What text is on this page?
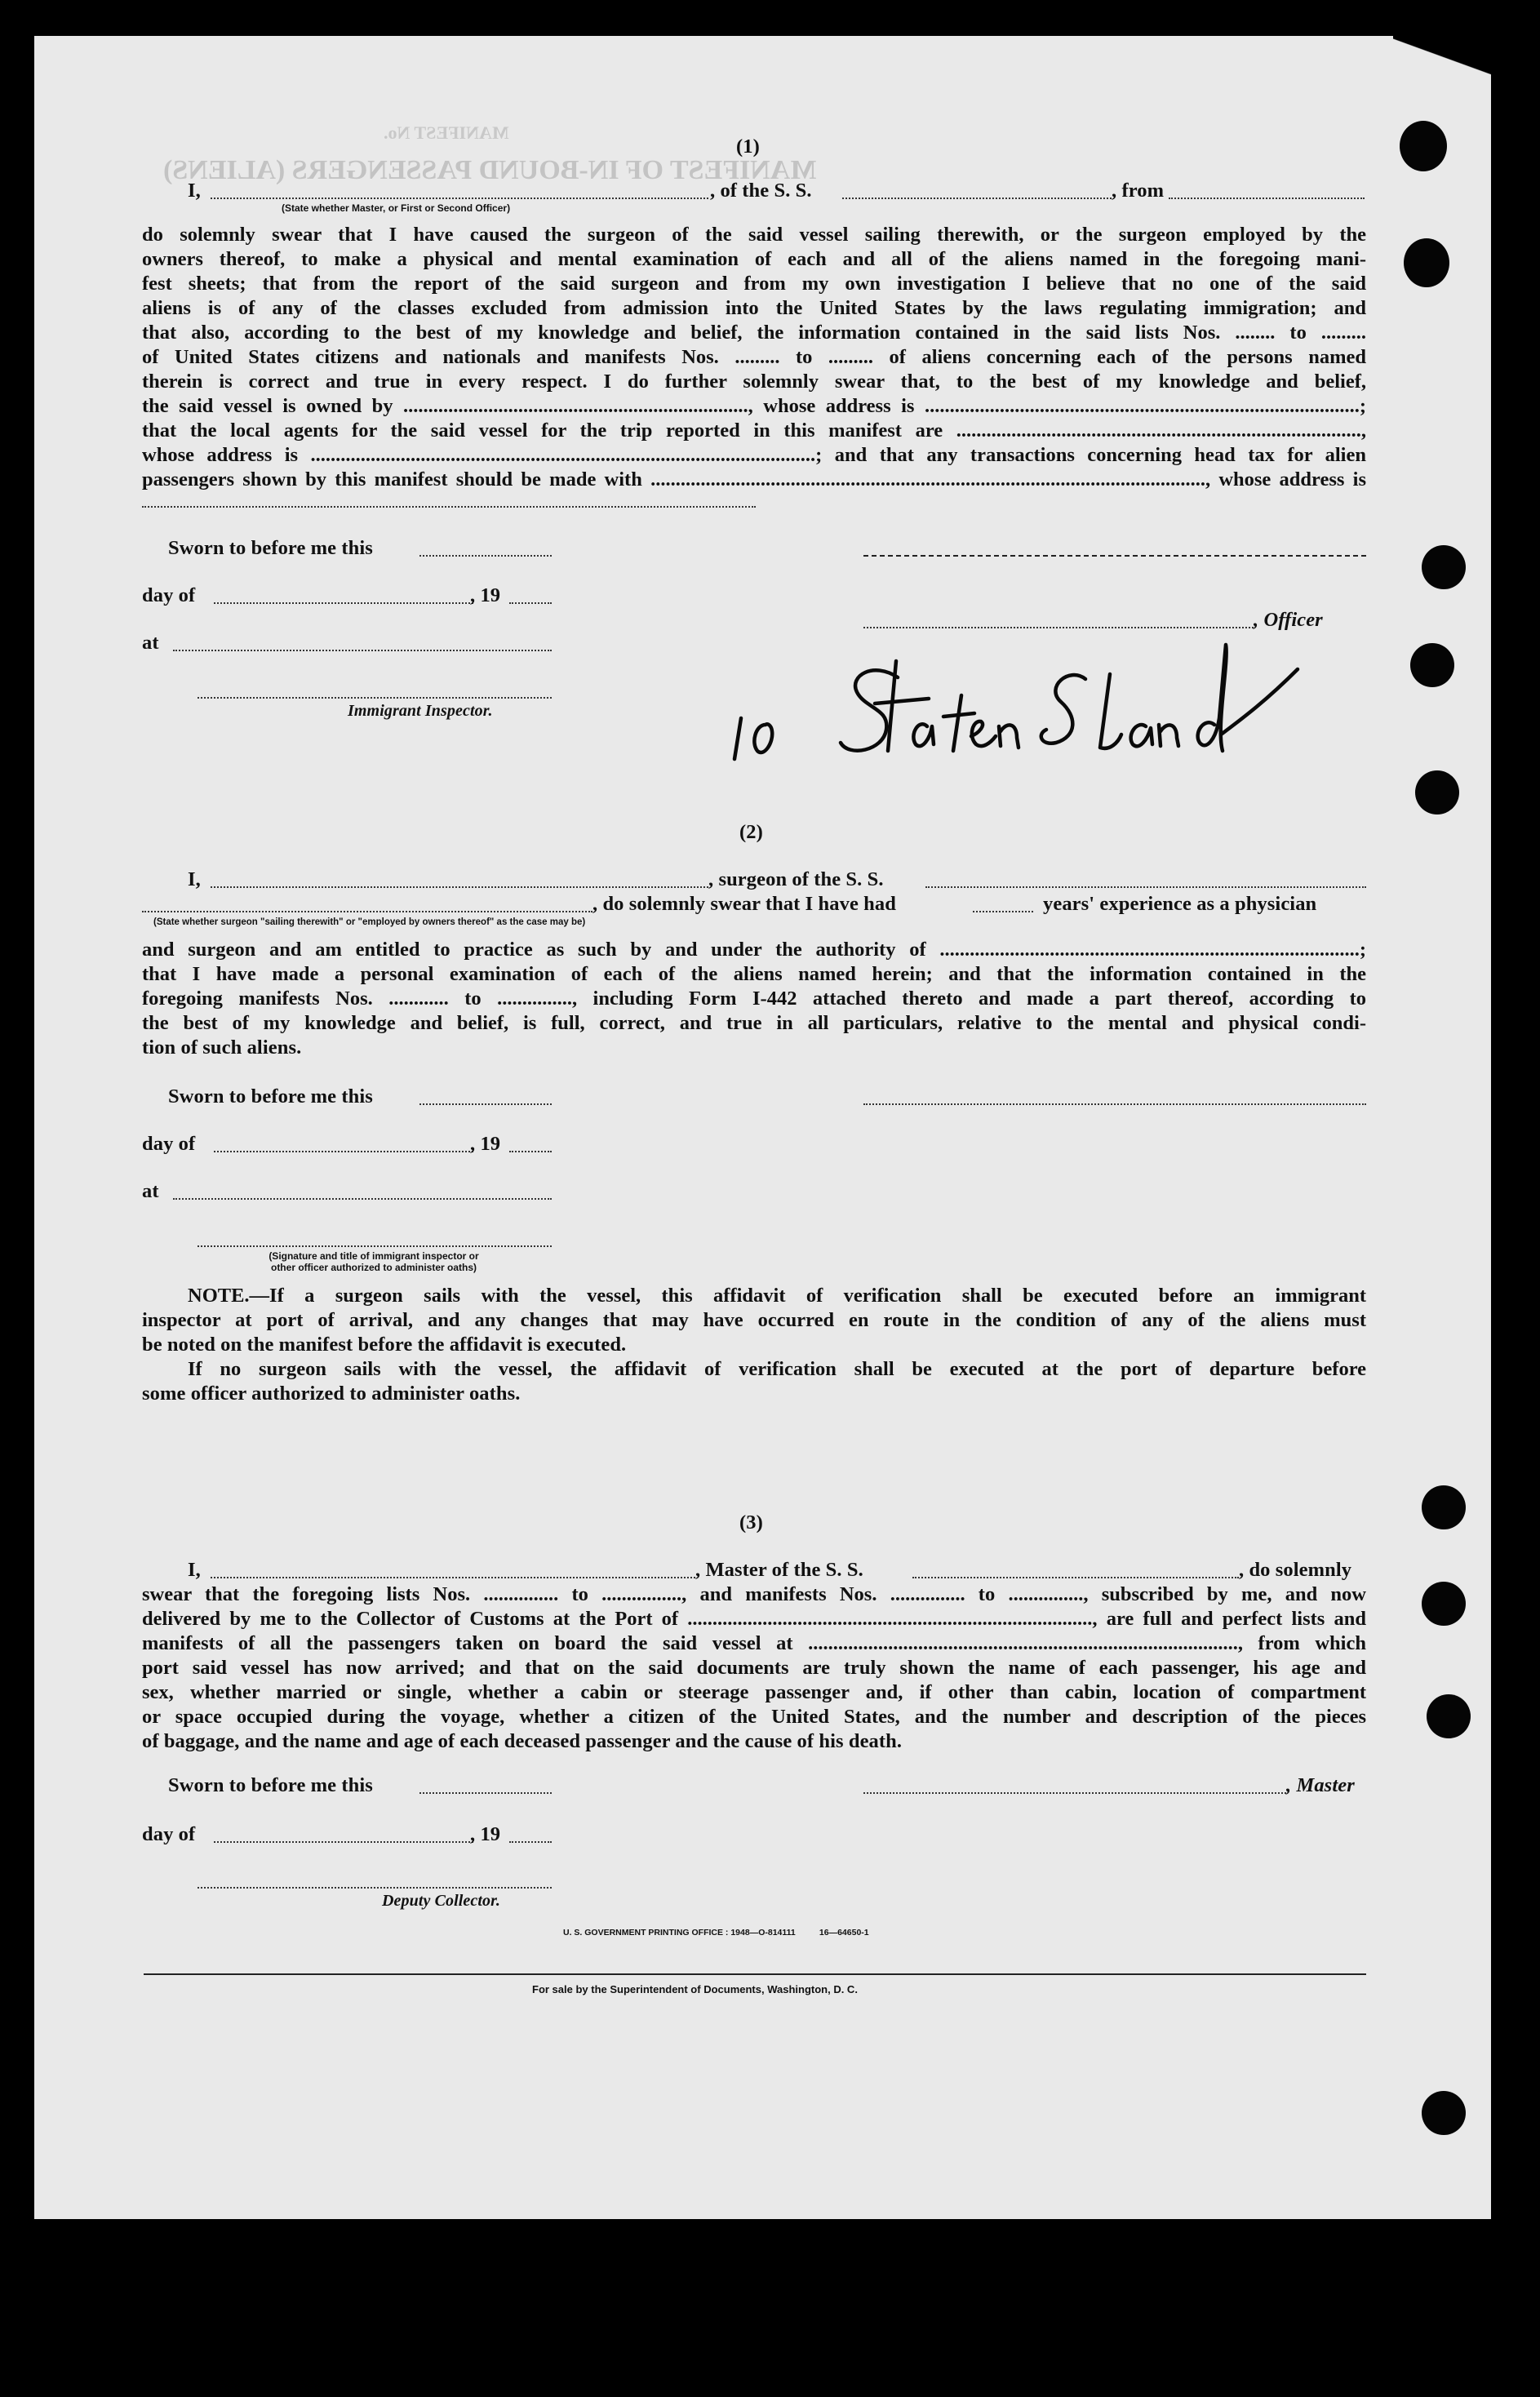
MANIFEST OF IN-BOUND PASSENGERS (ALIENS)
MANIFEST No.
(1)
I,
(State whether Master, or First or Second Officer)
, of the S. S.	, from
do solemnly swear that I have caused the surgeon of the said vessel sailing therewith, or the surgeon employed by the
owners thereof, to make a physical and mental examination of each and all of the aliens named in the foregoing mani-
fest sheets; that from the report of the said surgeon and from my own investigation I believe that no one of the said
aliens is of any of the classes excluded from admission into the United States by the laws regulating immigration; and
that also, according to the best of my knowledge and belief, the information contained in the said lists Nos. ........ to .........
of United States citizens and nationals and manifests Nos. ......... to ......... of aliens concerning each of the persons named
therein is correct and true in every respect. I do further solemnly swear that, to the best of my knowledge and belief,
the said vessel is owned by ....................................................................., whose address is .......................................................................................;
that the local agents for the said vessel for the trip reported in this manifest are .................................................................................,
whose address is .....................................................................................................; and that any transactions concerning head tax for alien
passengers shown by this manifest should be made with ..............................................................................................................., whose address is
Sworn to before me this
day of	, 19
, Officer
at
Immigrant Inspector.
(2)
I,	, surgeon of the S. S.
, do solemnly swear that I have had	years' experience as a physician
(State whether surgeon "sailing therewith" or "employed by owners thereof" as the case may be)
and surgeon and am entitled to practice as such by and under the authority of ....................................................................................;
that I have made a personal examination of each of the aliens named herein; and that the information contained in the
foregoing manifests Nos. ............ to ..............., including Form I-442 attached thereto and made a part thereof, according to
the best of my knowledge and belief, is full, correct, and true in all particulars, relative to the mental and physical condi-
tion of such aliens.
Sworn to before me this
day of	, 19
at
(Signature and title of immigrant inspector or
other officer authorized to administer oaths)
NOTE.—If a surgeon sails with the vessel, this affidavit of verification shall be executed before an immigrant
inspector at port of arrival, and any changes that may have occurred en route in the condition of any of the aliens must
be noted on the manifest before the affidavit is executed.
If no surgeon sails with the vessel, the affidavit of verification shall be executed at the port of departure before
some officer authorized to administer oaths.
(3)
I,	, Master of the S. S.	, do solemnly
swear that the foregoing lists Nos. ............... to ................, and manifests Nos. ............... to ..............., subscribed by me, and now
delivered by me to the Collector of Customs at the Port of ................................................................................., are full and perfect lists and
manifests of all the passengers taken on board the said vessel at ......................................................................................, from which
port said vessel has now arrived; and that on the said documents are truly shown the name of each passenger, his age and
sex, whether married or single, whether a cabin or steerage passenger and, if other than cabin, location of compartment
or space occupied during the voyage, whether a citizen of the United States, and the number and description of the pieces
of baggage, and the name and age of each deceased passenger and the cause of his death.
Sworn to before me this	, Master
day of	, 19
Deputy Collector.
U. S. GOVERNMENT PRINTING OFFICE : 1948—O-814111          16—64650-1
For sale by the Superintendent of Documents, Washington, D. C.
